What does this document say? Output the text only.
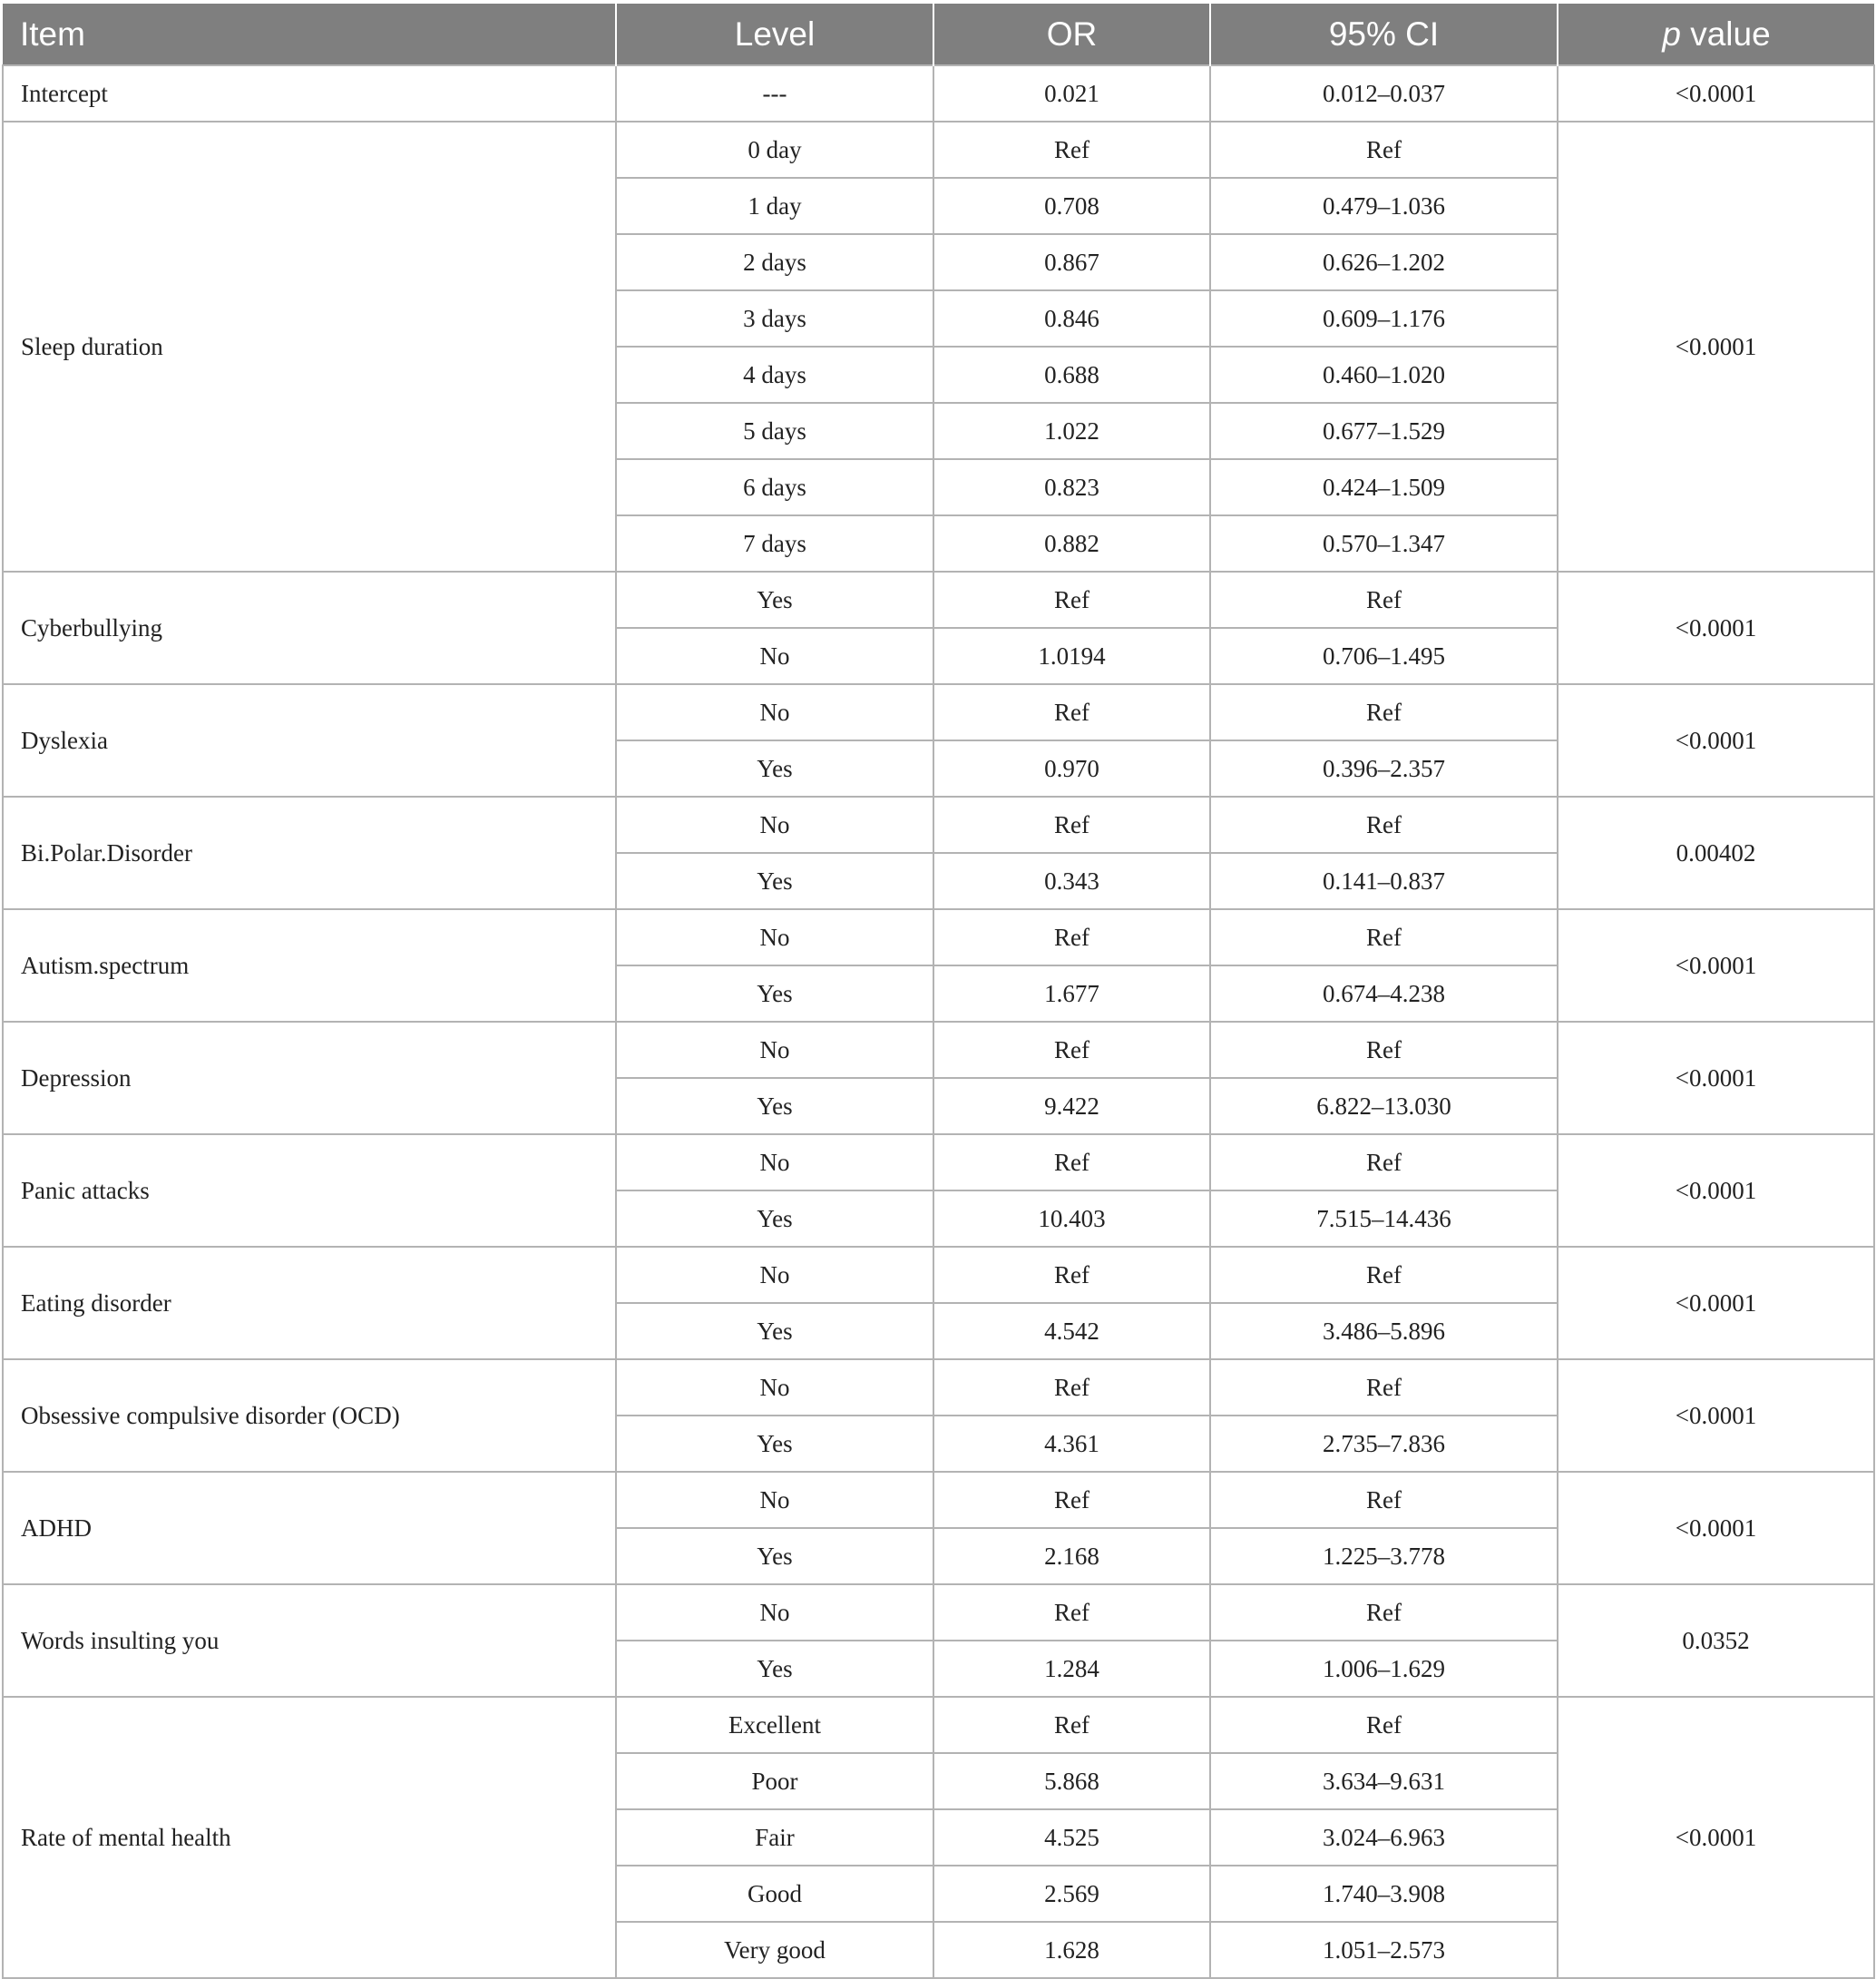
Item	Level	OR	95% CI	p value
Intercept	---	0.021	0.012–0.037	<0.0001
Sleep duration	0 day	Ref	Ref	<0.0001
	1 day	0.708	0.479–1.036	
	2 days	0.867	0.626–1.202	
	3 days	0.846	0.609–1.176	
	4 days	0.688	0.460–1.020	
	5 days	1.022	0.677–1.529	
	6 days	0.823	0.424–1.509	
	7 days	0.882	0.570–1.347	
Cyberbullying	Yes	Ref	Ref	<0.0001
	No	1.0194	0.706–1.495	
Dyslexia	No	Ref	Ref	<0.0001
	Yes	0.970	0.396–2.357	
Bi.Polar.Disorder	No	Ref	Ref	0.00402
	Yes	0.343	0.141–0.837	
Autism.spectrum	No	Ref	Ref	<0.0001
	Yes	1.677	0.674–4.238	
Depression	No	Ref	Ref	<0.0001
	Yes	9.422	6.822–13.030	
Panic attacks	No	Ref	Ref	<0.0001
	Yes	10.403	7.515–14.436	
Eating disorder	No	Ref	Ref	<0.0001
	Yes	4.542	3.486–5.896	
Obsessive compulsive disorder (OCD)	No	Ref	Ref	<0.0001
	Yes	4.361	2.735–7.836	
ADHD	No	Ref	Ref	<0.0001
	Yes	2.168	1.225–3.778	
Words insulting you	No	Ref	Ref	0.0352
	Yes	1.284	1.006–1.629	
Rate of mental health	Excellent	Ref	Ref	<0.0001
	Poor	5.868	3.634–9.631	
	Fair	4.525	3.024–6.963	
	Good	2.569	1.740–3.908	
	Very good	1.628	1.051–2.573	
